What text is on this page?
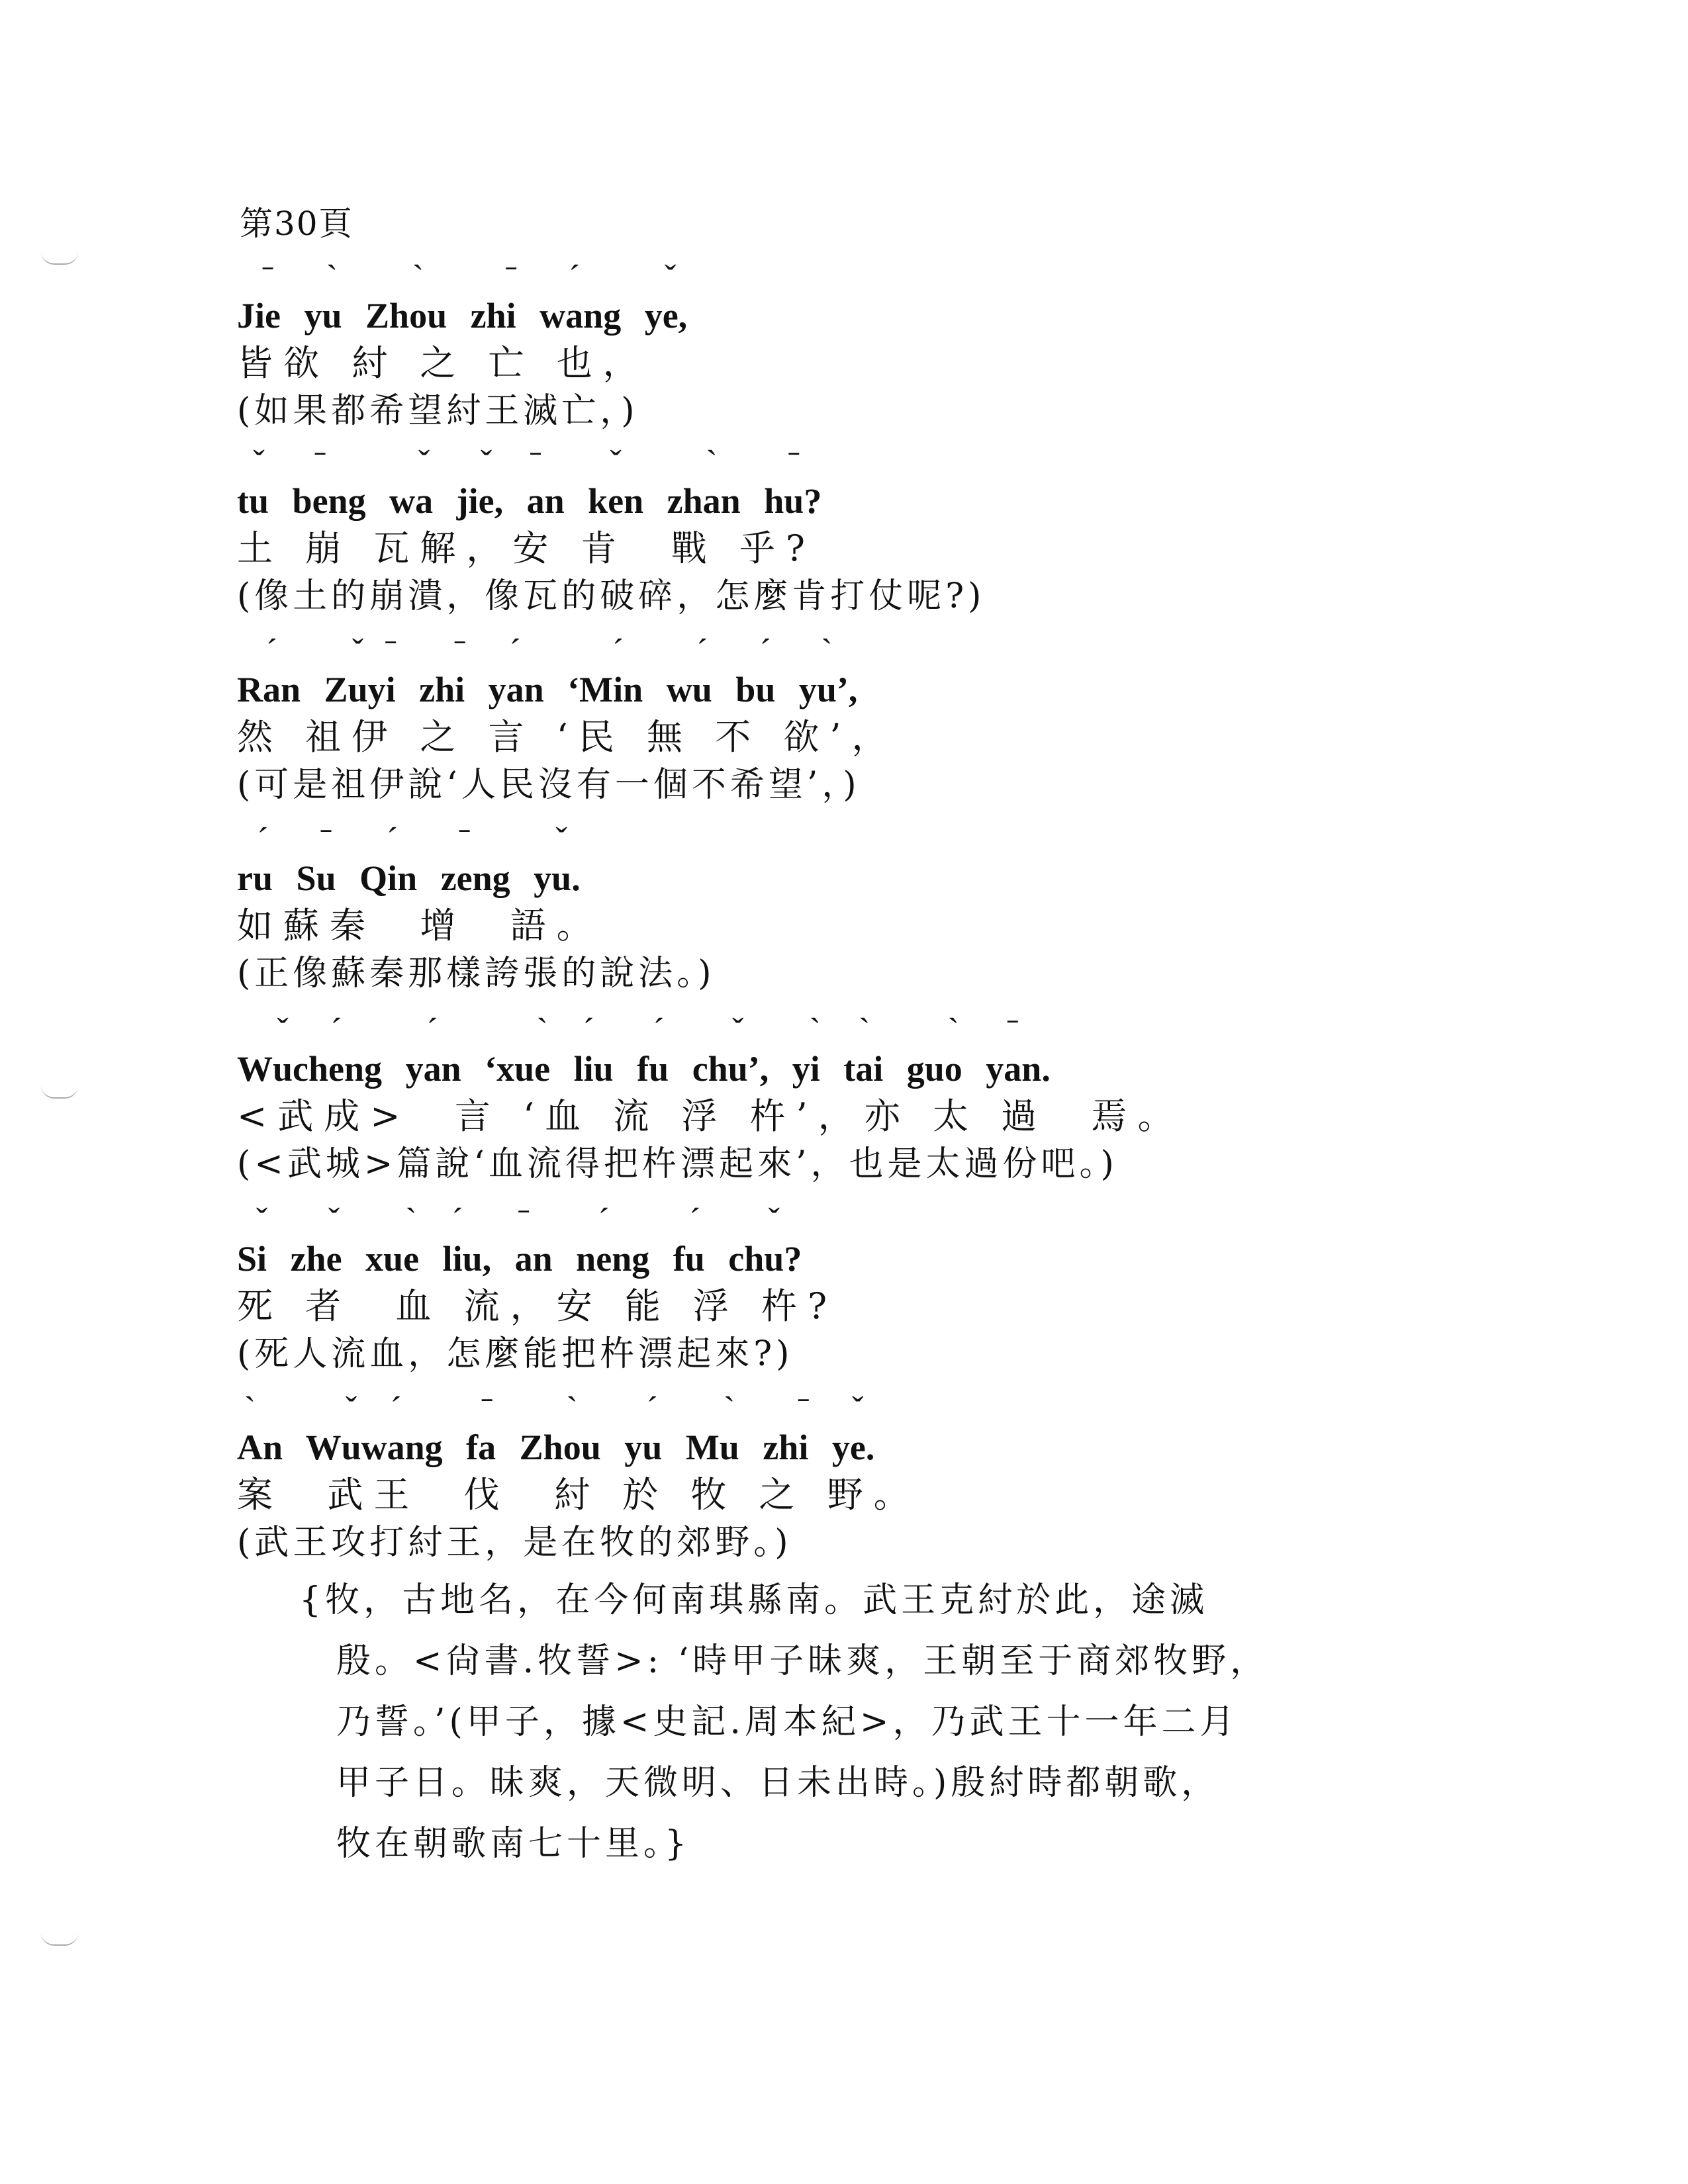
第30頁
Jˉ ie yˋ u Zhˋ ou zhˉ i wˊ ang yˇ e,
皆欲 紂 之 亡 也，
(如果都希望紂王滅亡，)
tˇ u bˉ eng wˇ a jiˇ e, ˉ an kˇ en zhˋ an hˉ u?
土 崩 瓦解，安 肯  戰 乎?
(像土的崩潰，像瓦的破碎，怎麼肯打仗呢?)
Rˊ an Zˇ uyˉ i zhˉ i yˊ an ‘Mˊ in wˊ u bˊ u yˋ u’,
然 祖伊 之 言 ‘民 無 不 欲’，
(可是祖伊說‘人民沒有一個不希望’，)
rˊ u Sˉ u Qˊ in zˉ eng yˇ u.
如蘇秦  增  語。
(正像蘇秦那樣誇張的說法。)
Wˇ uchˊ eng yˊ an ‘xuˋ e lˊ iu fˊ u chˇ u’, yˋ i tˋ ai guˋ o yˉ an.
<武成>  言 ‘血 流 浮 杵’，亦 太 過  焉。
(<武城>篇說‘血流得把杵漂起來’，也是太過份吧。)
Sˇ i zhˇ e xuˋ e lˊ iu, ˉ an nˊ eng fˊ u chˇ u?
死 者  血 流，安 能 浮 杵?
(死人流血，怎麼能把杵漂起來?)
ˋ An Wˇ uwˊ ang fˉ a Zhˋ ou yˊ u Mˋ u zhˉ i yˇ e.
案  武王  伐  紂 於 牧 之 野。
(武王攻打紂王，是在牧的郊野。)
{牧，古地名，在今何南琪縣南。武王克紂於此，途滅
殷。<尙書.牧誓>: ‘時甲子昧爽，王朝至于商郊牧野，
乃誓。’(甲子，據<史記.周本紀>，乃武王十一年二月
甲子日。昧爽，天微明、日未出時。)殷紂時都朝歌，
牧在朝歌南七十里。}
